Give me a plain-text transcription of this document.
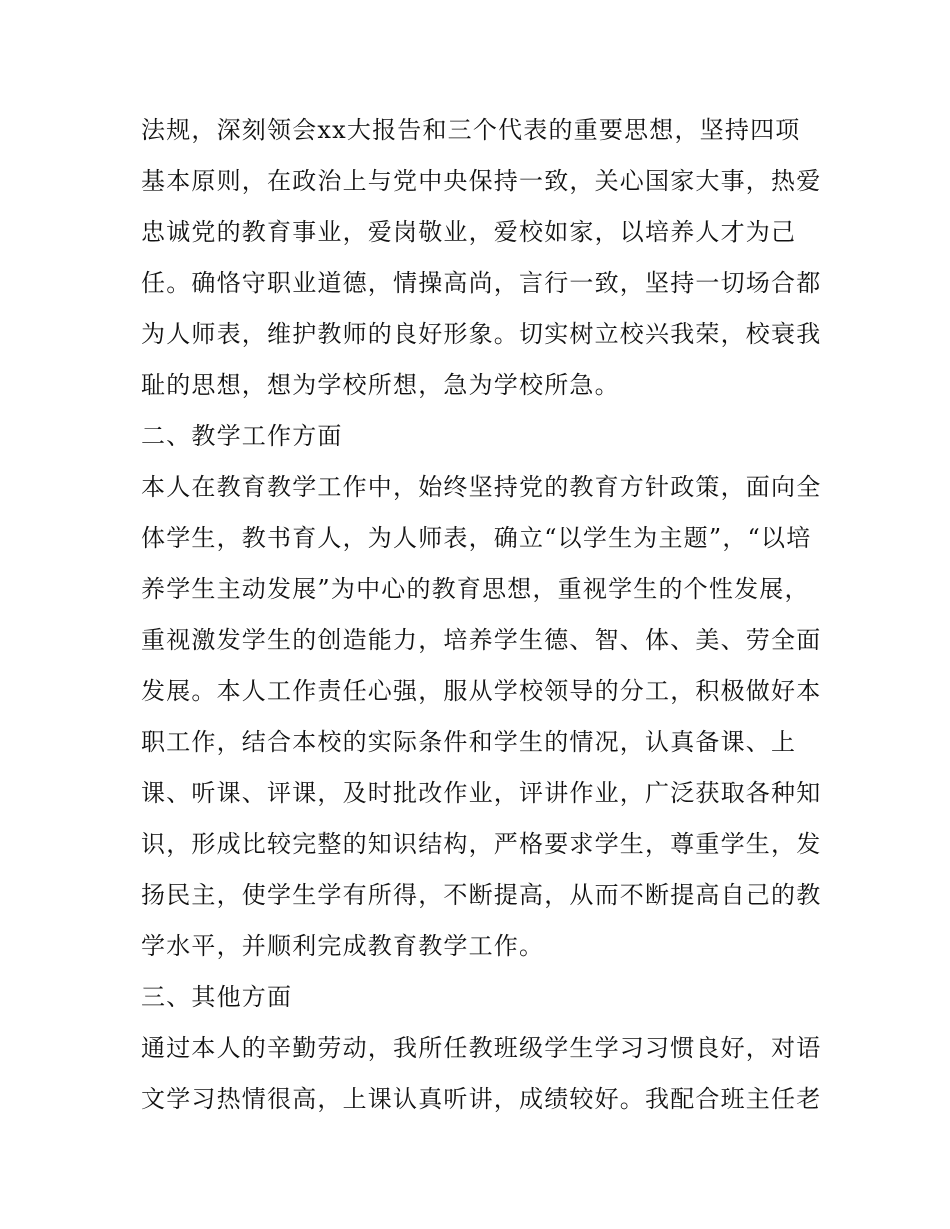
法规，深刻领会xx大报告和三个代表的重要思想，坚持四项
基本原则，在政治上与党中央保持一致，关心国家大事，热爱
忠诚党的教育事业，爱岗敬业，爱校如家，以培养人才为己
任。确恪守职业道德，情操高尚，言行一致，坚持一切场合都
为人师表，维护教师的良好形象。切实树立校兴我荣，校衰我
耻的思想，想为学校所想，急为学校所急。
二、教学工作方面
本人在教育教学工作中，始终坚持党的教育方针政策，面向全
体学生，教书育人，为人师表，确立“以学生为主题”，“以培
养学生主动发展”为中心的教育思想，重视学生的个性发展，
重视激发学生的创造能力，培养学生德、智、体、美、劳全面
发展。本人工作责任心强，服从学校领导的分工，积极做好本
职工作，结合本校的实际条件和学生的情况，认真备课、上
课、听课、评课，及时批改作业，评讲作业，广泛获取各种知
识，形成比较完整的知识结构，严格要求学生，尊重学生，发
扬民主，使学生学有所得，不断提高，从而不断提高自己的教
学水平，并顺利完成教育教学工作。
三、其他方面
通过本人的辛勤劳动，我所任教班级学生学习习惯良好，对语
文学习热情很高，上课认真听讲，成绩较好。我配合班主任老
